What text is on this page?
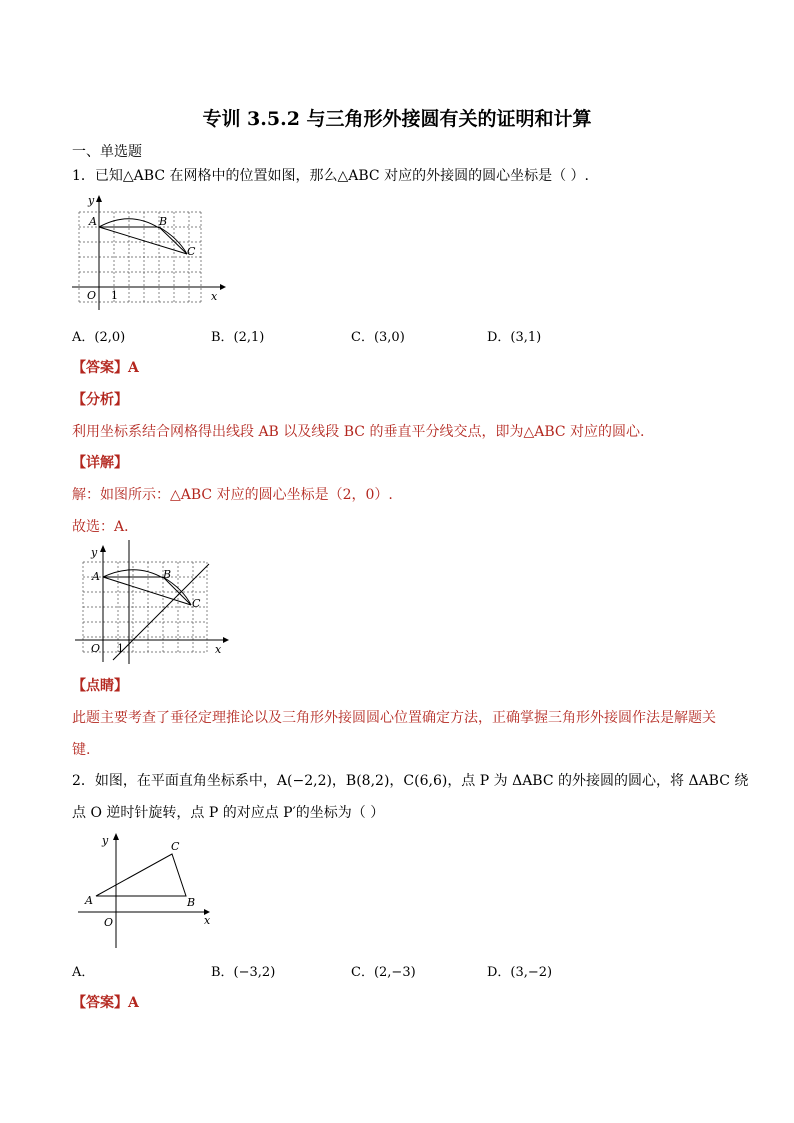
专训 3.5.2 与三角形外接圆有关的证明和计算
一、单选题
1．已知△ABC 在网格中的位置如图，那么△ABC 对应的外接圆的圆心坐标是（ ）.
y
x
O 1
A	B
C
A．(2,0)	B．(2,1)	C．(3,0)	D．(3,1)
【答案】A
【分析】
利用坐标系结合网格得出线段 AB 以及线段 BC 的垂直平分线交点，即为△ABC 对应的圆心.
【详解】
解：如图所示：△ABC 对应的圆心坐标是（2，0）.
故选：A．
y
x
O 1
A	B
C
【点睛】
此题主要考查了垂径定理推论以及三角形外接圆圆心位置确定方法，正确掌握三角形外接圆作法是解题关
键.
2．如图，在平面直角坐标系中，A(−2,2)，B(8,2)，C(6,6)，点 P 为 ΔABC 的外接圆的圆心，将 ΔABC 绕
点 O 逆时针旋转，点 P 的对应点 P′的坐标为（ ）
y
x
O
A	B
C
A．	B．(−3,2)	C．(2,−3)	D．(3,−2)
【答案】A
